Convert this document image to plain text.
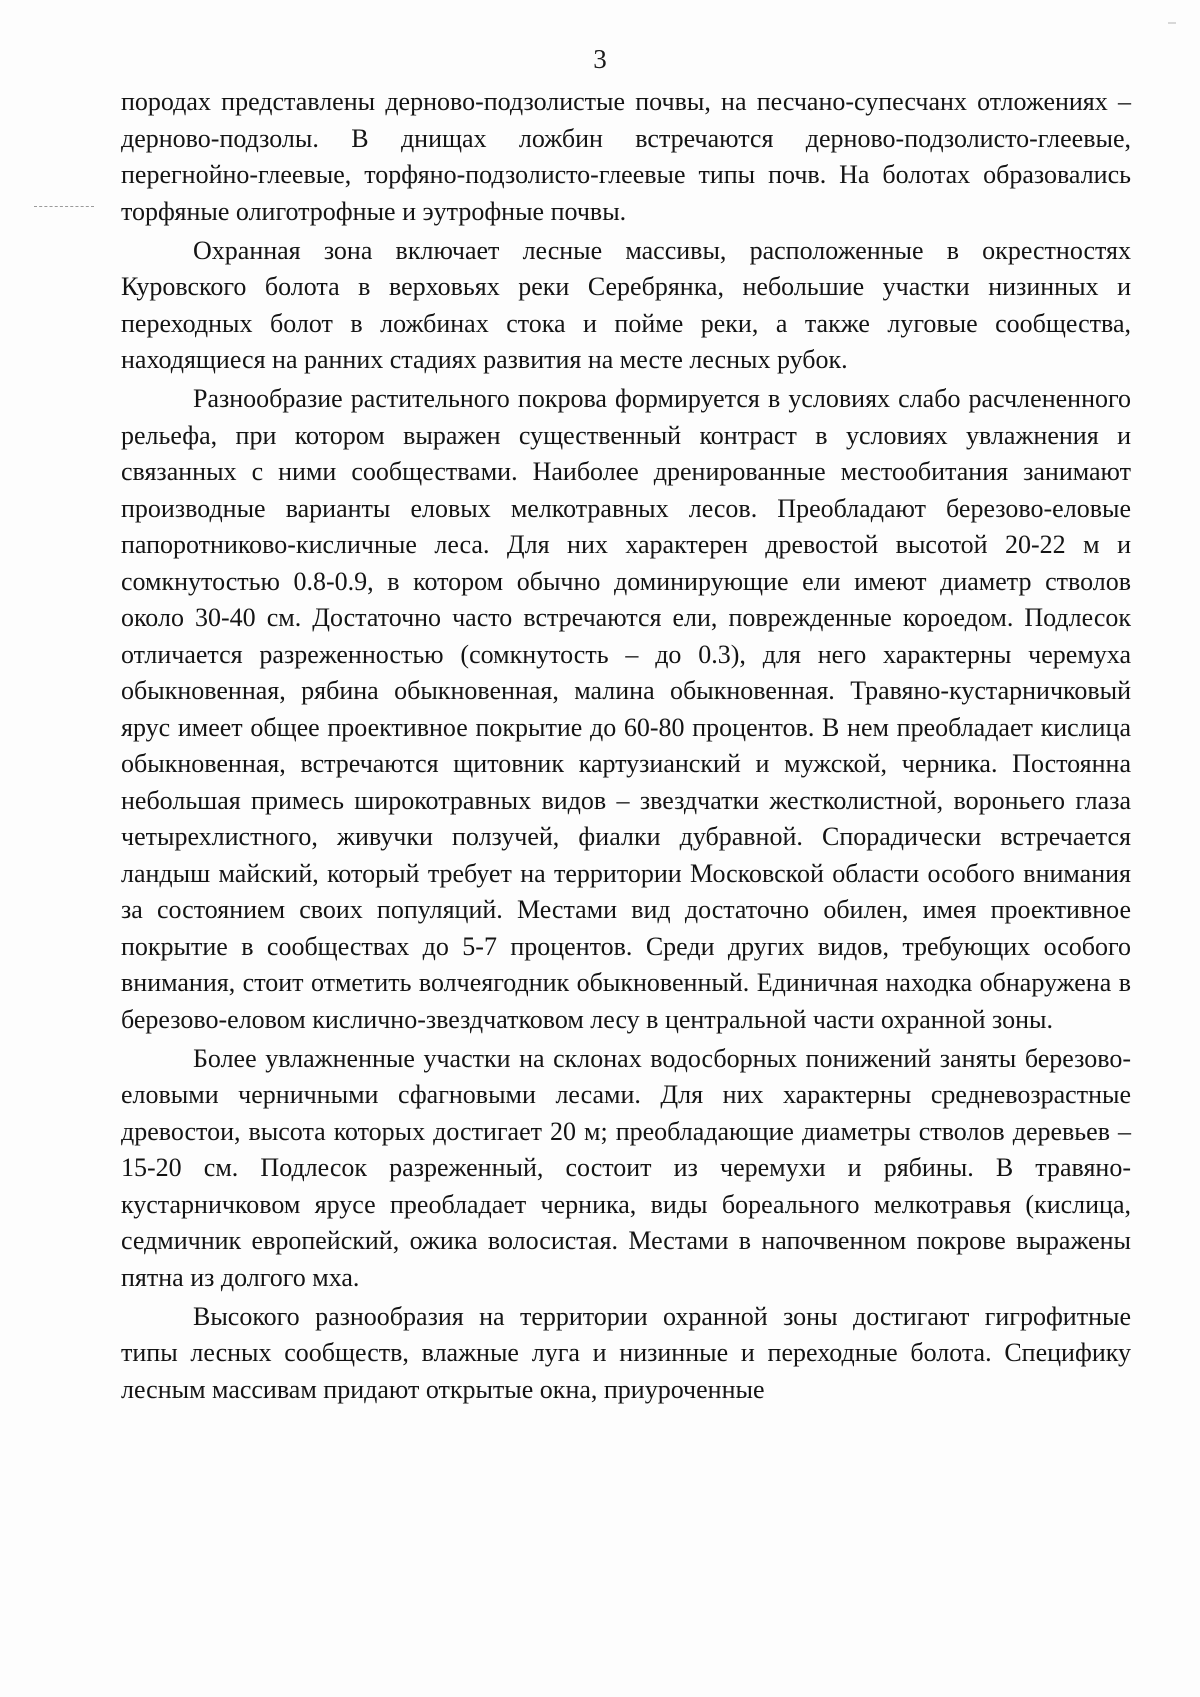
3

породах представлены дерново-подзолистые почвы, на песчано-супесчанх отложениях – дерново-подзолы. В днищах ложбин встречаются дерново-подзолисто-глеевые, перегнойно-глеевые, торфяно-подзолисто-глеевые типы почв. На болотах образовались торфяные олиготрофные и эутрофные почвы.

Охранная зона включает лесные массивы, расположенные в окрестностях Куровского болота в верховьях реки Серебрянка, небольшие участки низинных и переходных болот в ложбинах стока и пойме реки, а также луговые сообщества, находящиеся на ранних стадиях развития на месте лесных рубок.

Разнообразие растительного покрова формируется в условиях слабо расчлененного рельефа, при котором выражен существенный контраст в условиях увлажнения и связанных с ними сообществами. Наиболее дренированные местообитания занимают производные варианты еловых мелкотравных лесов. Преобладают березово-еловые папоротниково-кисличные леса. Для них характерен древостой высотой 20-22 м и сомкнутостью 0.8-0.9, в котором обычно доминирующие ели имеют диаметр стволов около 30-40 см. Достаточно часто встречаются ели, поврежденные короедом. Подлесок отличается разреженностью (сомкнутость – до 0.3), для него характерны черемуха обыкновенная, рябина обыкновенная, малина обыкновенная. Травяно-кустарничковый ярус имеет общее проективное покрытие до 60-80 процентов. В нем преобладает кислица обыкновенная, встречаются щитовник картузианский и мужской, черника. Постоянна небольшая примесь широкотравных видов – звездчатки жестколистной, вороньего глаза четырехлистного, живучки ползучей, фиалки дубравной. Спорадически встречается ландыш майский, который требует на территории Московской области особого внимания за состоянием своих популяций. Местами вид достаточно обилен, имея проективное покрытие в сообществах до 5-7 процентов. Среди других видов, требующих особого внимания, стоит отметить волчеягодник обыкновенный. Единичная находка обнаружена в березово-еловом кислично-звездчатковом лесу в центральной части охранной зоны.

Более увлажненные участки на склонах водосборных понижений заняты березово-еловыми черничными сфагновыми лесами. Для них характерны средневозрастные древостои, высота которых достигает 20 м; преобладающие диаметры стволов деревьев – 15-20 см. Подлесок разреженный, состоит из черемухи и рябины. В травяно-кустарничковом ярусе преобладает черника, виды бореального мелкотравья (кислица, седмичник европейский, ожика волосистая. Местами в напочвенном покрове выражены пятна из долгого мха.

Высокого разнообразия на территории охранной зоны достигают гигрофитные типы лесных сообществ, влажные луга и низинные и переходные болота. Специфику лесным массивам придают открытые окна, приуроченные
